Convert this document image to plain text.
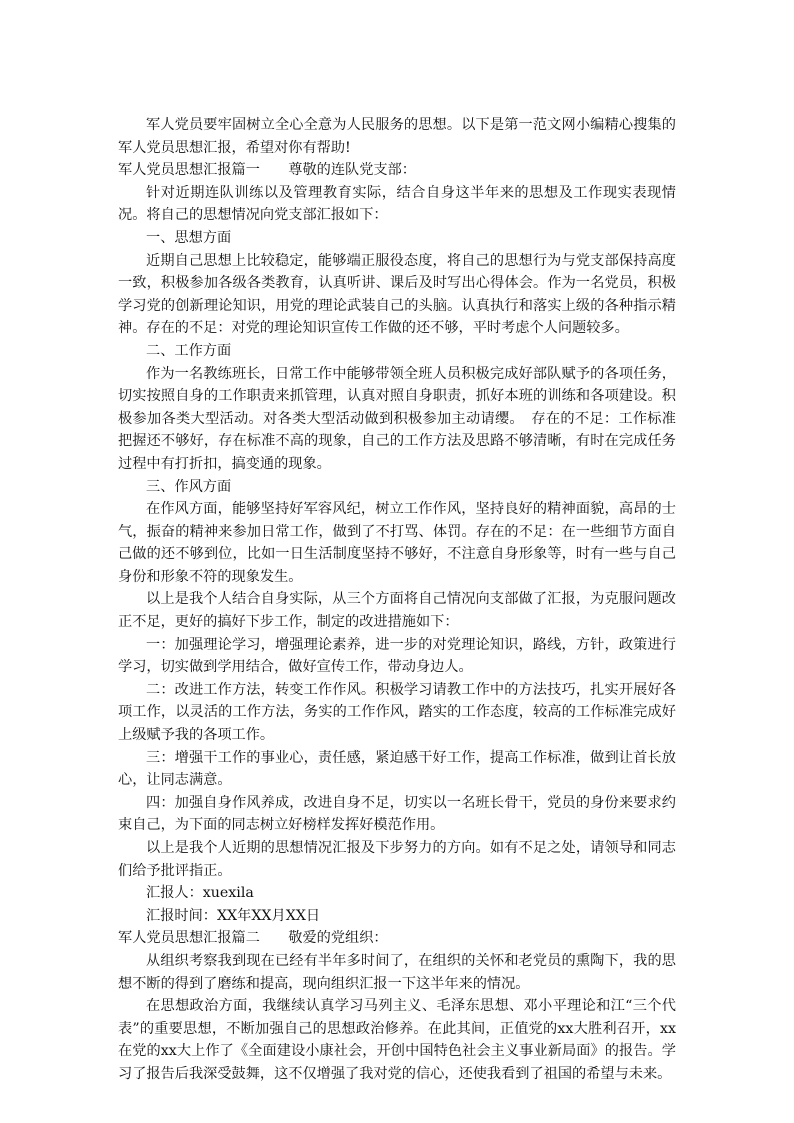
军人党员要牢固树立全心全意为人民服务的思想。以下是第一范文网小编精心搜集的军人党员思想汇报，希望对你有帮助!

军人党员思想汇报篇一　　尊敬的连队党支部：

针对近期连队训练以及管理教育实际，结合自身这半年来的思想及工作现实表现情况。将自己的思想情况向党支部汇报如下：

一、思想方面

近期自己思想上比较稳定，能够端正服役态度，将自己的思想行为与党支部保持高度一致，积极参加各级各类教育，认真听讲、课后及时写出心得体会。作为一名党员，积极学习党的创新理论知识，用党的理论武装自己的头脑。认真执行和落实上级的各种指示精神。存在的不足：对党的理论知识宣传工作做的还不够，平时考虑个人问题较多。

二、工作方面

作为一名教练班长，日常工作中能够带领全班人员积极完成好部队赋予的各项任务，切实按照自身的工作职责来抓管理，认真对照自身职责，抓好本班的训练和各项建设。积极参加各类大型活动。对各类大型活动做到积极参加主动请缨。　存在的不足：工作标准把握还不够好，存在标准不高的现象，自己的工作方法及思路不够清晰，有时在完成任务过程中有打折扣，搞变通的现象。

三、作风方面

在作风方面，能够坚持好军容风纪，树立工作作风，坚持良好的精神面貌，高昂的士气，振奋的精神来参加日常工作，做到了不打骂、体罚。存在的不足：在一些细节方面自己做的还不够到位，比如一日生活制度坚持不够好，不注意自身形象等，时有一些与自己身份和形象不符的现象发生。

以上是我个人结合自身实际，从三个方面将自己情况向支部做了汇报，为克服问题改正不足，更好的搞好下步工作，制定的改进措施如下：

一：加强理论学习，增强理论素养，进一步的对党理论知识，路线，方针，政策进行学习，切实做到学用结合，做好宣传工作，带动身边人。

二：改进工作方法，转变工作作风。积极学习请教工作中的方法技巧，扎实开展好各项工作，以灵活的工作方法，务实的工作作风，踏实的工作态度，较高的工作标准完成好上级赋予我的各项工作。

三：增强干工作的事业心，责任感，紧迫感干好工作，提高工作标准，做到让首长放心，让同志满意。

四：加强自身作风养成，改进自身不足，切实以一名班长骨干，党员的身份来要求约束自己，为下面的同志树立好榜样发挥好模范作用。

以上是我个人近期的思想情况汇报及下步努力的方向。如有不足之处，请领导和同志们给予批评指正。

汇报人：xuexila

汇报时间：XX年XX月XX日

军人党员思想汇报篇二　　敬爱的党组织：

从组织考察我到现在已经有半年多时间了，在组织的关怀和老党员的熏陶下，我的思想不断的得到了磨练和提高，现向组织汇报一下这半年来的情况。

在思想政治方面，我继续认真学习马列主义、毛泽东思想、邓小平理论和江“三个代表”的重要思想，不断加强自己的思想政治修养。在此其间，正值党的xx大胜利召开，xx在党的xx大上作了《全面建设小康社会，开创中国特色社会主义事业新局面》的报告。学习了报告后我深受鼓舞，这不仅增强了我对党的信心，还使我看到了祖国的希望与未来。
